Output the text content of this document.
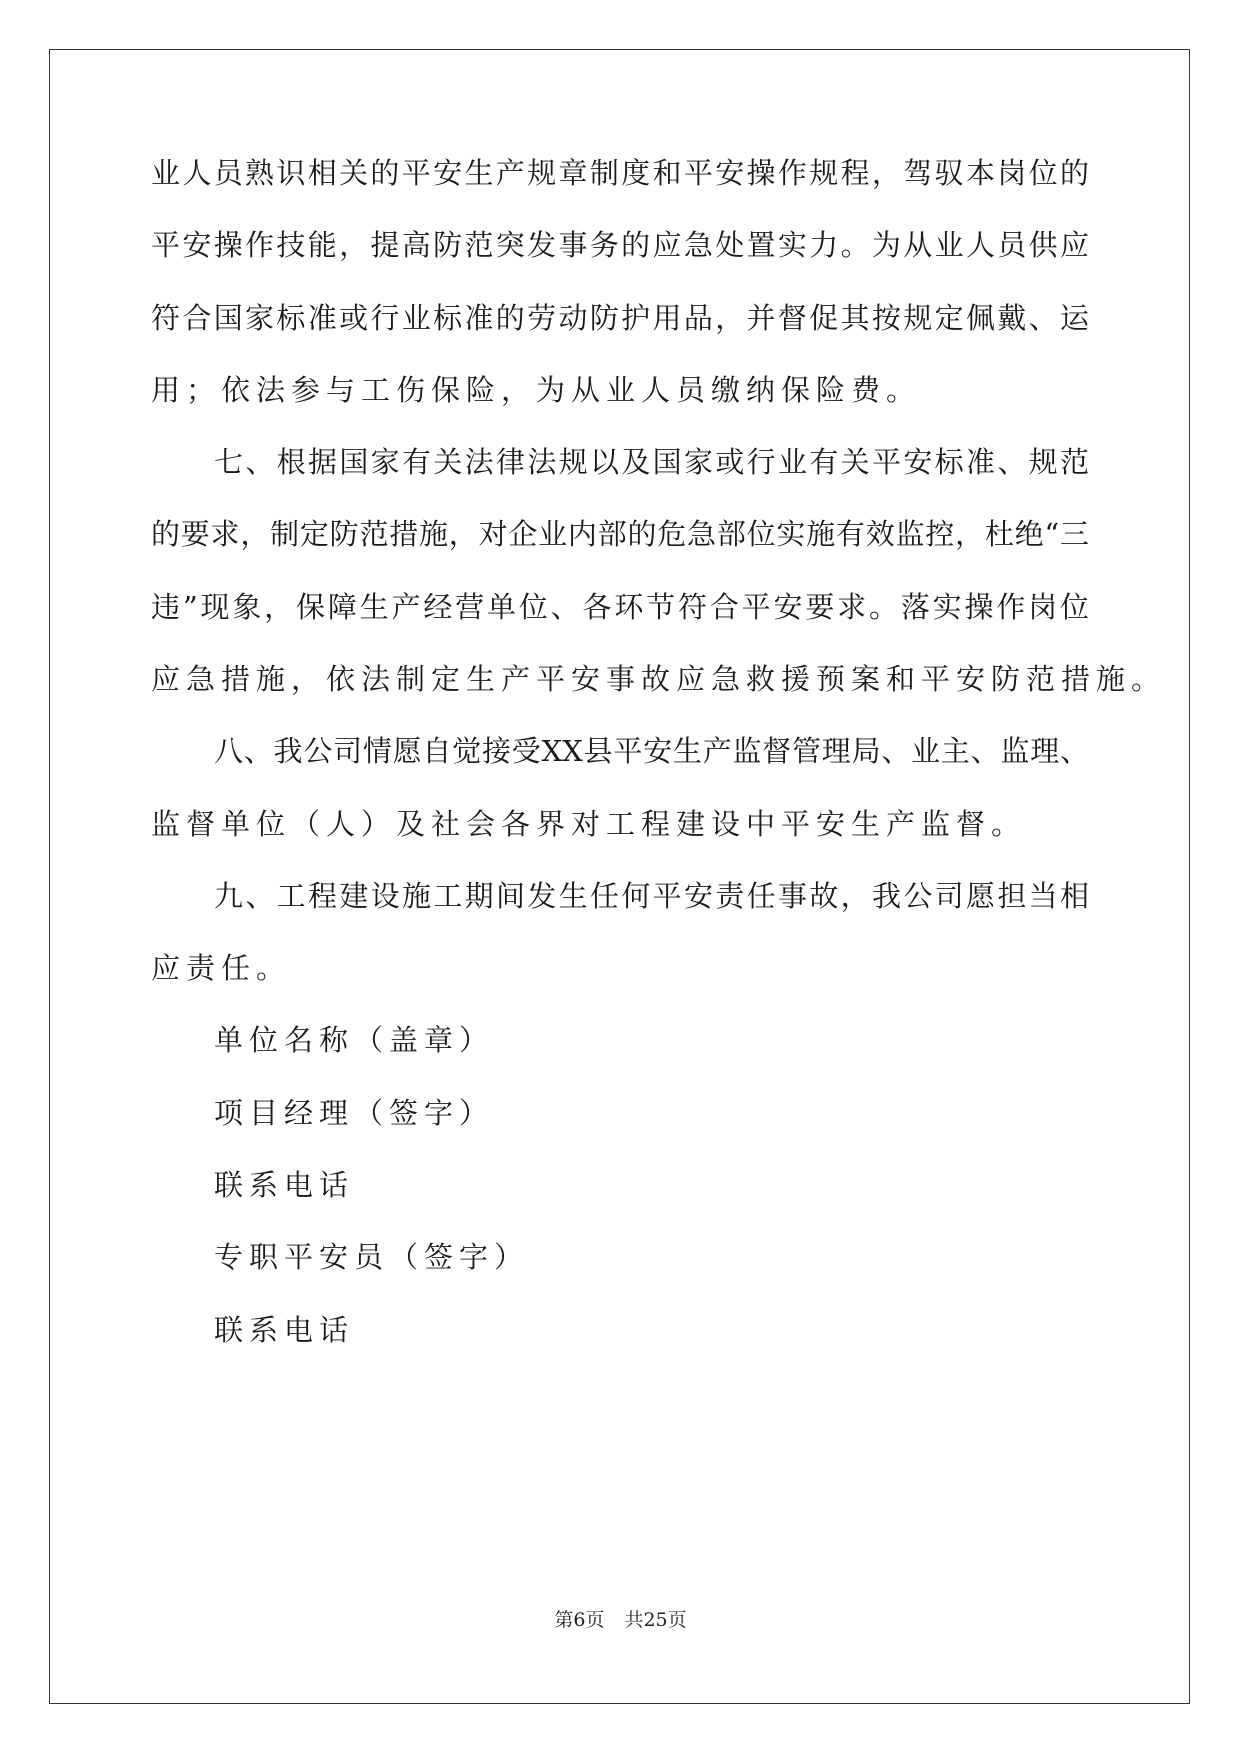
业人员熟识相关的平安生产规章制度和平安操作规程，驾驭本岗位的
平安操作技能，提高防范突发事务的应急处置实力。为从业人员供应
符合国家标准或行业标准的劳动防护用品，并督促其按规定佩戴、运
用；依法参与工伤保险，为从业人员缴纳保险费。
七、根据国家有关法律法规以及国家或行业有关平安标准、规范
的要求，制定防范措施，对企业内部的危急部位实施有效监控，杜绝“三
违”现象，保障生产经营单位、各环节符合平安要求。落实操作岗位
应急措施，依法制定生产平安事故应急救援预案和平安防范措施。
八、我公司情愿自觉接受XX县平安生产监督管理局、业主、监理、
监督单位（人）及社会各界对工程建设中平安生产监督。
九、工程建设施工期间发生任何平安责任事故，我公司愿担当相
应责任。
单位名称（盖章）
项目经理（签字）
联系电话
专职平安员（签字）
联系电话
第6页 共25页
